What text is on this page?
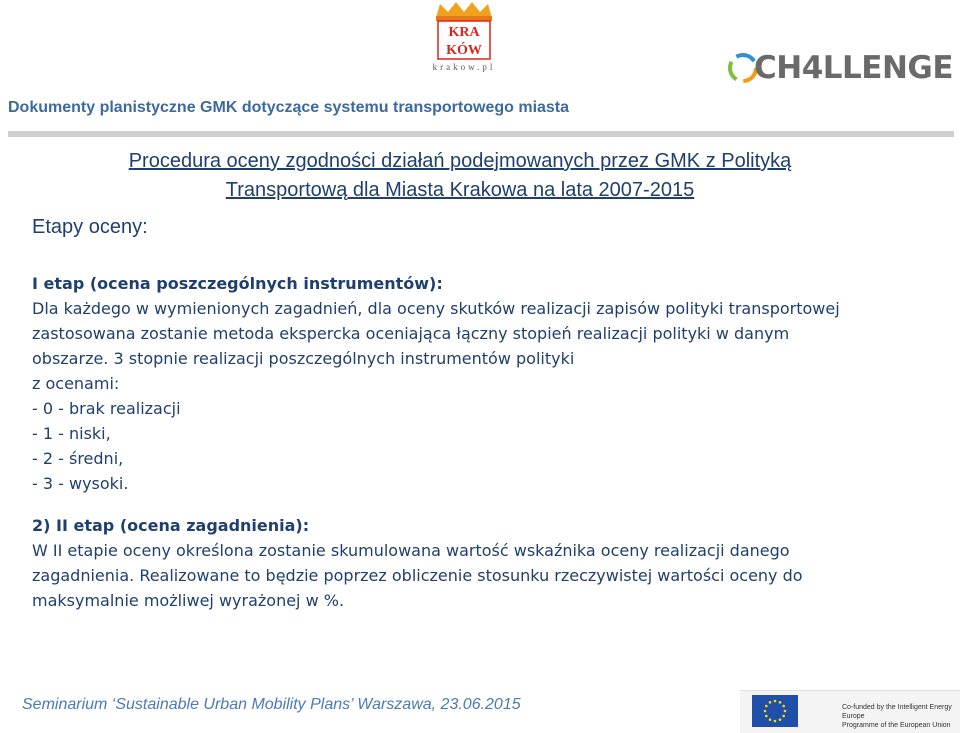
KRA
KÓW
krakow.pl	CH4LLENGE
Dokumenty planistyczne GMK dotyczące systemu transportowego miasta
Procedura oceny zgodności działań podejmowanych przez GMK z Polityką
Transportową dla Miasta Krakowa na lata 2007-2015
Etapy oceny:

I etap (ocena poszczególnych instrumentów):

Dla każdego w wymienionych zagadnień, dla oceny skutków realizacji zapisów polityki transportowej

zastosowana zostanie metoda ekspercka oceniająca łączny stopień realizacji polityki w danym

obszarze. 3 stopnie realizacji poszczególnych instrumentów polityki

z ocenami:

- 0 - brak realizacji

- 1 - niski,

- 2 - średni,

- 3 - wysoki.

2) II etap (ocena zagadnienia):

W II etapie oceny określona zostanie skumulowana wartość wskaźnika oceny realizacji danego

zagadnienia. Realizowane to będzie poprzez obliczenie stosunku rzeczywistej wartości oceny do

maksymalnie możliwej wyrażonej w %.

Seminarium ‘Sustainable Urban Mobility Plans’ Warszawa, 23.06.2015	Co-funded by the Intelligent Energy Europe
Programme of the European Union
